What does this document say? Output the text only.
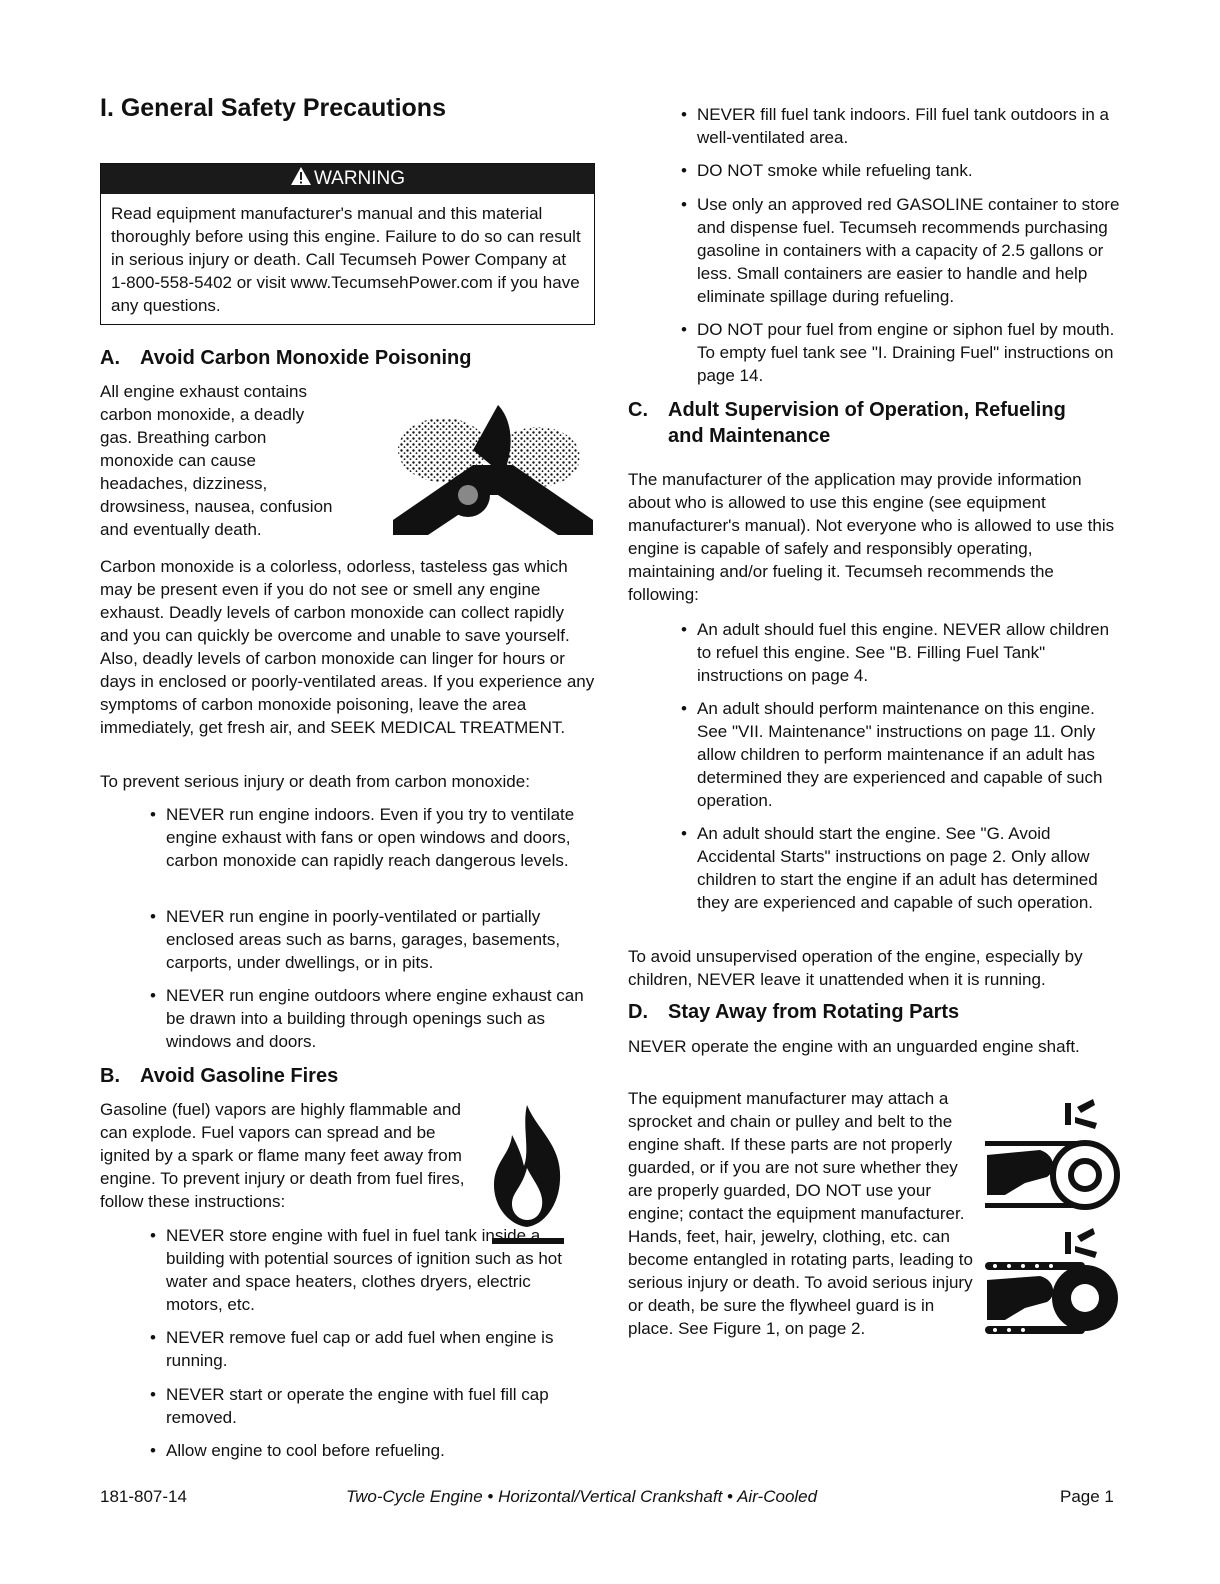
I. General Safety Precautions
WARNING
Read equipment manufacturer's manual and this material thoroughly before using this engine. Failure to do so can result in serious injury or death. Call Tecumseh Power Company at 1-800-558-5402 or visit www.TecumsehPower.com if you have any questions.
A. Avoid Carbon Monoxide Poisoning

All engine exhaust contains carbon monoxide, a deadly gas. Breathing carbon monoxide can cause headaches, dizziness, drowsiness, nausea, confusion and eventually death.

Carbon monoxide is a colorless, odorless, tasteless gas which may be present even if you do not see or smell any engine exhaust. Deadly levels of carbon monoxide can collect rapidly and you can quickly be overcome and unable to save yourself. Also, deadly levels of carbon monoxide can linger for hours or days in enclosed or poorly-ventilated areas. If you experience any symptoms of carbon monoxide poisoning, leave the area immediately, get fresh air, and SEEK MEDICAL TREATMENT.

To prevent serious injury or death from carbon monoxide:

• NEVER run engine indoors. Even if you try to ventilate engine exhaust with fans or open windows and doors, carbon monoxide can rapidly reach dangerous levels.
• NEVER run engine in poorly-ventilated or partially enclosed areas such as barns, garages, basements, carports, under dwellings, or in pits.
• NEVER run engine outdoors where engine exhaust can be drawn into a building through openings such as windows and doors.
B. Avoid Gasoline Fires

Gasoline (fuel) vapors are highly flammable and can explode. Fuel vapors can spread and be ignited by a spark or flame many feet away from engine. To prevent injury or death from fuel fires, follow these instructions:

• NEVER store engine with fuel in fuel tank inside a building with potential sources of ignition such as hot water and space heaters, clothes dryers, electric motors, etc.
• NEVER remove fuel cap or add fuel when engine is running.
• NEVER start or operate the engine with fuel fill cap removed.
• Allow engine to cool before refueling.
• NEVER fill fuel tank indoors. Fill fuel tank outdoors in a well-ventilated area.
• DO NOT smoke while refueling tank.
• Use only an approved red GASOLINE container to store and dispense fuel. Tecumseh recommends purchasing gasoline in containers with a capacity of 2.5 gallons or less. Small containers are easier to handle and help eliminate spillage during refueling.
• DO NOT pour fuel from engine or siphon fuel by mouth. To empty fuel tank see "I. Draining Fuel" instructions on page 14.
C. Adult Supervision of Operation, Refueling
and Maintenance

The manufacturer of the application may provide information about who is allowed to use this engine (see equipment manufacturer's manual). Not everyone who is allowed to use this engine is capable of safely and responsibly operating, maintaining and/or fueling it. Tecumseh recommends the following:

• An adult should fuel this engine. NEVER allow children to refuel this engine. See "B. Filling Fuel Tank" instructions on page 4.
• An adult should perform maintenance on this engine. See "VII. Maintenance" instructions on page 11. Only allow children to perform maintenance if an adult has determined they are experienced and capable of such operation.
• An adult should start the engine. See "G. Avoid Accidental Starts" instructions on page 2. Only allow children to start the engine if an adult has determined they are experienced and capable of such operation.

To avoid unsupervised operation of the engine, especially by children, NEVER leave it unattended when it is running.

D. Stay Away from Rotating Parts

NEVER operate the engine with an unguarded engine shaft.

The equipment manufacturer may attach a sprocket and chain or pulley and belt to the engine shaft. If these parts are not properly guarded, or if you are not sure whether they are properly guarded, DO NOT use your engine; contact the equipment manufacturer. Hands, feet, hair, jewelry, clothing, etc. can become entangled in rotating parts, leading to serious injury or death. To avoid serious injury or death, be sure the flywheel guard is in place. See Figure 1, on page 2.

181-807-14	Two-Cycle Engine • Horizontal/Vertical Crankshaft • Air-Cooled	Page 1
